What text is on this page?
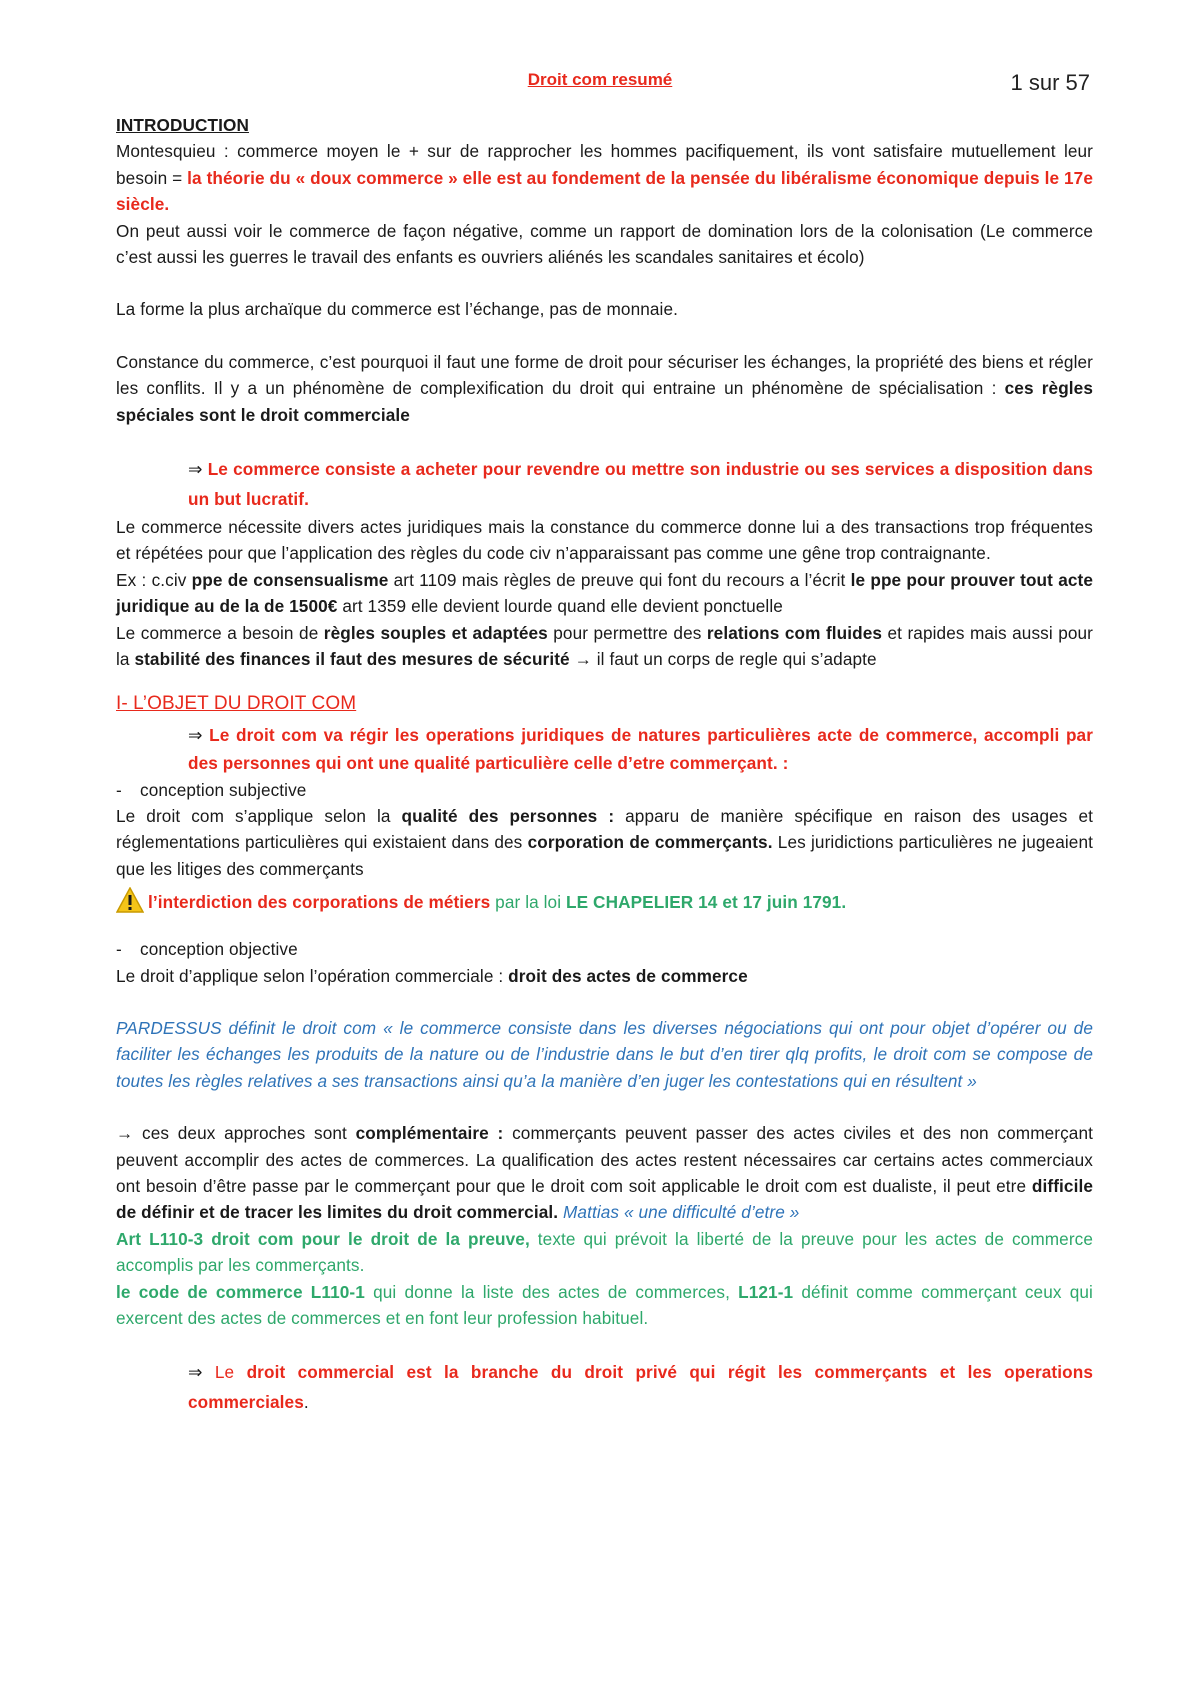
Droit com resumé	1 sur 57

INTRODUCTION

Montesquieu : commerce moyen le + sur de rapprocher les hommes pacifiquement, ils vont satisfaire mutuellement leur besoin = la théorie du « doux commerce » elle est au fondement de la pensée du libéralisme économique depuis le 17e siècle.

On peut aussi voir le commerce de façon négative, comme un rapport de domination lors de la colonisation (Le commerce c’est aussi les guerres le travail des enfants es ouvriers aliénés les scandales sanitaires et écolo)

La forme la plus archaïque du commerce est l’échange, pas de monnaie.

Constance du commerce, c’est pourquoi il faut une forme de droit pour sécuriser les échanges, la propriété des biens et régler les conflits. Il y a un phénomène de complexification du droit qui entraine un phénomène de spécialisation : ces règles spéciales sont le droit commerciale

⇒ Le commerce consiste a acheter pour revendre ou mettre son industrie ou ses services a disposition dans un but lucratif.

Le commerce nécessite divers actes juridiques mais la constance du commerce donne lui a des transactions trop fréquentes et répétées pour que l’application des règles du code civ n’apparaissant pas comme une gêne trop contraignante.

Ex : c.civ ppe de consensualisme art 1109 mais règles de preuve qui font du recours a l’écrit le ppe pour prouver tout acte juridique au de la de 1500€ art 1359 elle devient lourde quand elle devient ponctuelle

Le commerce a besoin de règles souples et adaptées pour permettre des relations com fluides et rapides mais aussi pour la stabilité des finances il faut des mesures de sécurité → il faut un corps de regle qui s’adapte

I- L’OBJET DU DROIT COM

⇒ Le droit com va régir les operations juridiques de natures particulières acte de commerce, accompli par des personnes qui ont une qualité particulière celle d’etre commerçant. :

-	conception subjective

Le droit com s’applique selon la qualité des personnes : apparu de manière spécifique en raison des usages et réglementations particulières qui existaient dans des corporation de commerçants. Les juridictions particulières ne jugeaient que les litiges des commerçants

l’interdiction des corporations de métiers par la loi LE CHAPELIER 14 et 17 juin 1791.

-	conception objective

Le droit d’applique selon l’opération commerciale : droit des actes de commerce

PARDESSUS définit le droit com « le commerce consiste dans les diverses négociations qui ont pour objet d’opérer ou de faciliter les échanges les produits de la nature ou de l’industrie dans le but d’en tirer qlq profits, le droit com se compose de toutes les règles relatives a ses transactions ainsi qu’a la manière d’en juger les contestations qui en résultent »

→ ces deux approches sont complémentaire : commerçants peuvent passer des actes civiles et des non commerçant peuvent accomplir des actes de commerces. La qualification des actes restent nécessaires car certains actes commerciaux ont besoin d’être passe par le commerçant pour que le droit com soit applicable le droit com est dualiste, il peut etre difficile de définir et de tracer les limites du droit commercial. Mattias « une difficulté d’etre »

Art L110-3 droit com pour le droit de la preuve, texte qui prévoit la liberté de la preuve pour les actes de commerce accomplis par les commerçants.

le code de commerce L110-1 qui donne la liste des actes de commerces, L121-1 définit comme commerçant ceux qui exercent des actes de commerces et en font leur profession habituel.

⇒ Le droit commercial est la branche du droit privé qui régit les commerçants et les operations commerciales.
